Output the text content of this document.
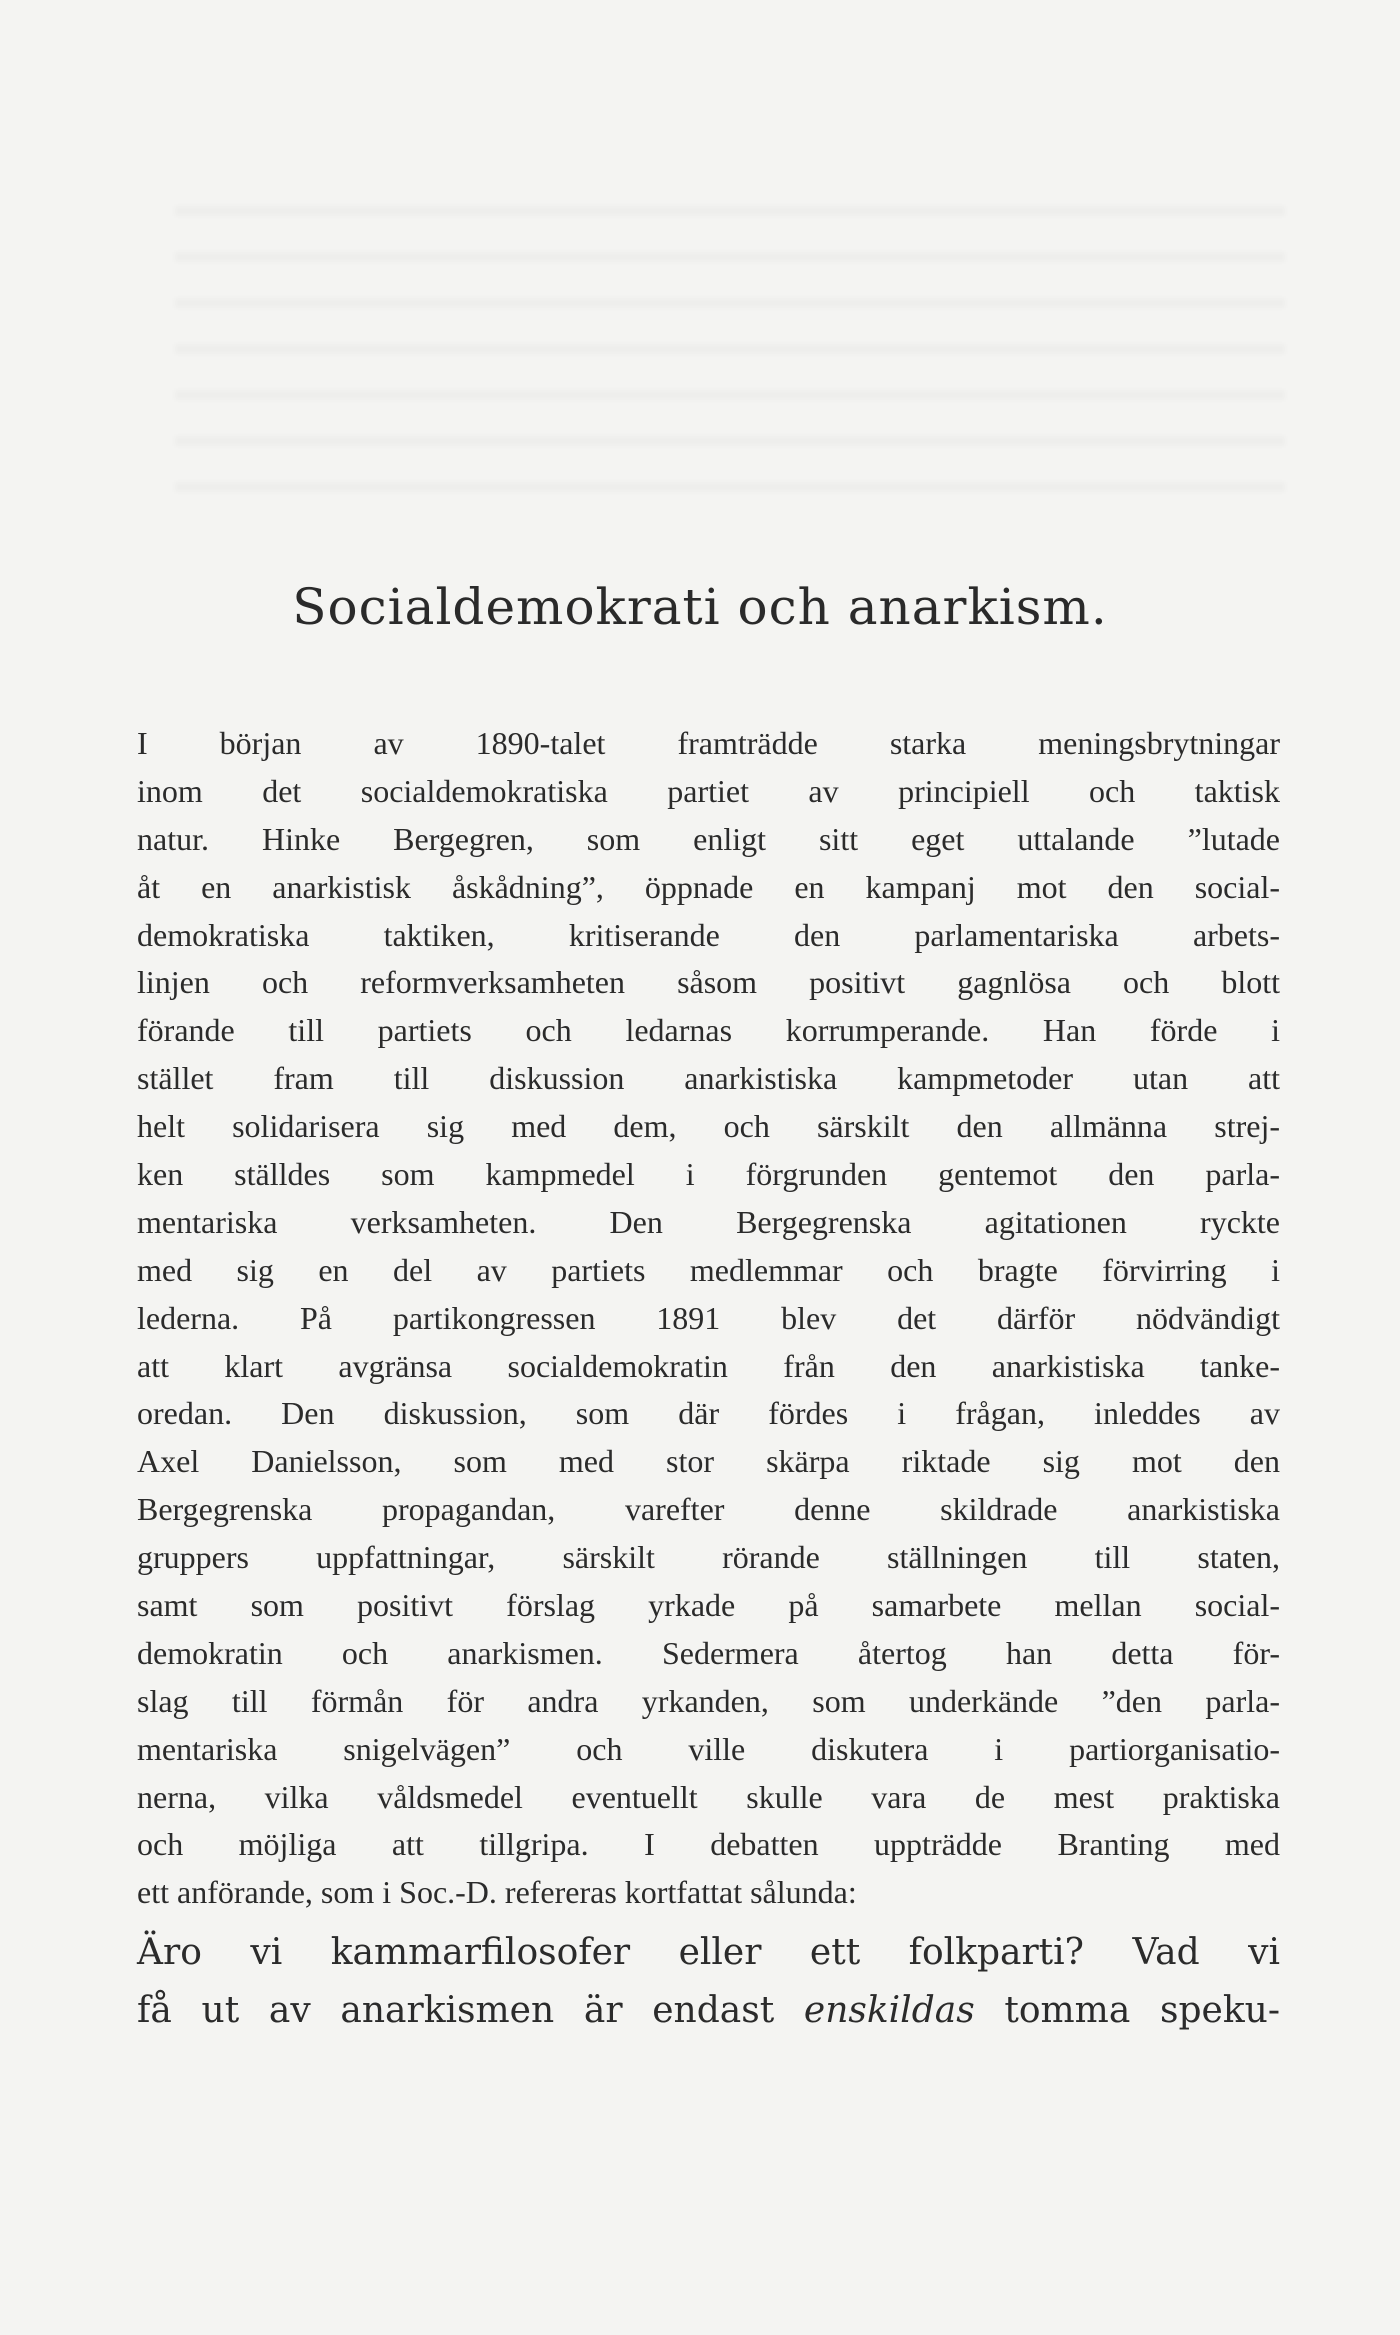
Socialdemokrati och anarkism.
I början av 1890-talet framträdde starka meningsbrytningar
inom det socialdemokratiska partiet av principiell och taktisk
natur. Hinke Bergegren, som enligt sitt eget uttalande ”lutade
åt en anarkistisk åskådning”, öppnade en kampanj mot den social-
demokratiska taktiken, kritiserande den parlamentariska arbets-
linjen och reformverksamheten såsom positivt gagnlösa och blott
förande till partiets och ledarnas korrumperande. Han förde i
stället fram till diskussion anarkistiska kampmetoder utan att
helt solidarisera sig med dem, och särskilt den allmänna strej-
ken ställdes som kampmedel i förgrunden gentemot den parla-
mentariska verksamheten. Den Bergegrenska agitationen ryckte
med sig en del av partiets medlemmar och bragte förvirring i
lederna. På partikongressen 1891 blev det därför nödvändigt
att klart avgränsa socialdemokratin från den anarkistiska tanke-
oredan. Den diskussion, som där fördes i frågan, inleddes av
Axel Danielsson, som med stor skärpa riktade sig mot den
Bergegrenska propagandan, varefter denne skildrade anarkistiska
gruppers uppfattningar, särskilt rörande ställningen till staten,
samt som positivt förslag yrkade på samarbete mellan social-
demokratin och anarkismen. Sedermera återtog han detta för-
slag till förmån för andra yrkanden, som underkände ”den parla-
mentariska snigelvägen” och ville diskutera i partiorganisatio-
nerna, vilka våldsmedel eventuellt skulle vara de mest praktiska
och möjliga att tillgripa. I debatten uppträdde Branting med
ett anförande, som i Soc.-D. refereras kortfattat sålunda:
Äro vi kammarfilosofer eller ett folkparti? Vad vi
få ut av anarkismen är endast enskildas tomma speku-
